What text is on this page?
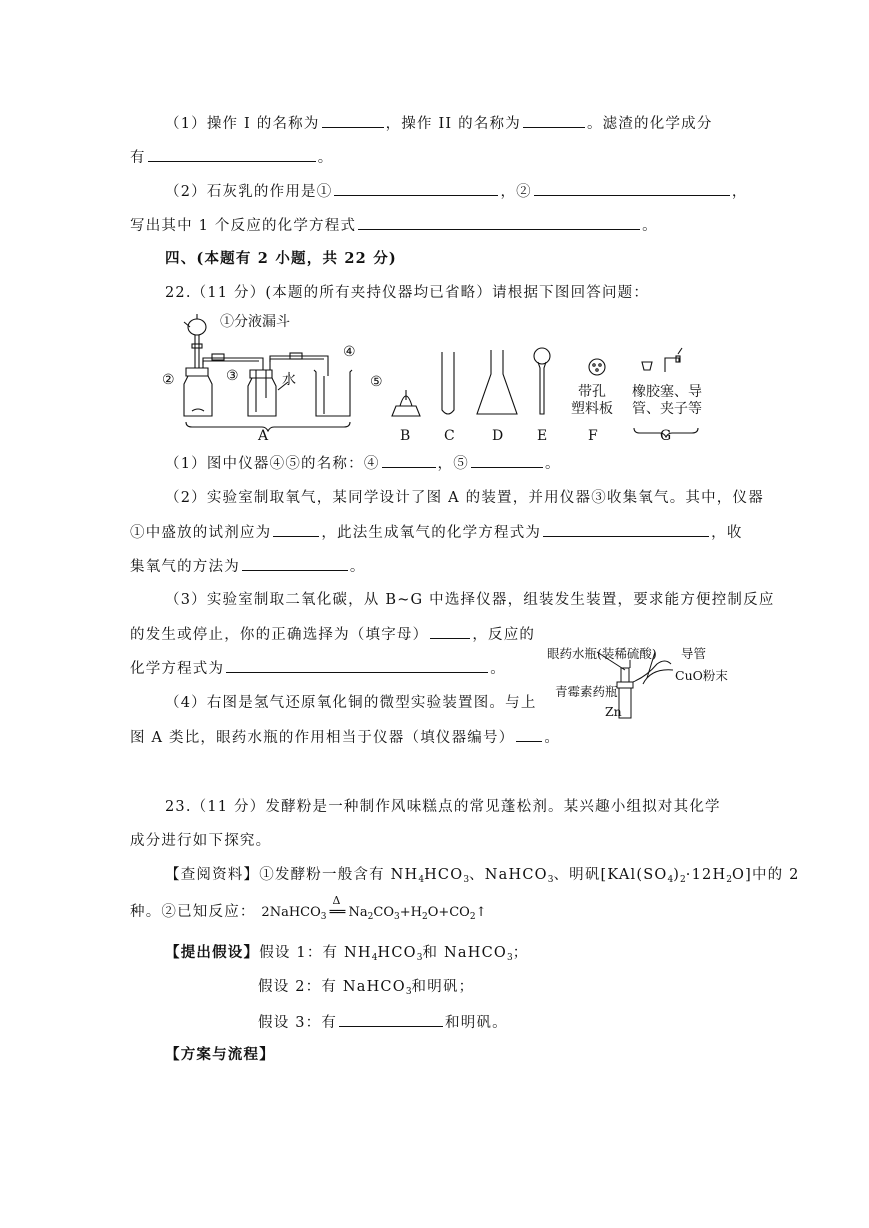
（1）操作 I 的名称为	，操作 II 的名称为	。滤渣的化学成分
有	。
（2）石灰乳的作用是①	，②	，
写出其中 1 个反应的化学方程式	。
四、(本题有 2 小题，共 22 分)
22.（11 分）(本题的所有夹持仪器均已省略）请根据下图回答问题：
①分液漏斗
②	③	水
④
⑤
A	B C	D E	F	G
带孔
塑料板
橡胶塞、导
管、夹子等
（1）图中仪器④⑤的名称：④	，⑤	。
（2）实验室制取氧气，某同学设计了图 A 的装置，并用仪器③收集氧气。其中，仪器
①中盛放的试剂应为	，此法生成氧气的化学方程式为	，收
集氧气的方法为	。
（3）实验室制取二氧化碳，从 B~G 中选择仪器，组装发生装置，要求能方便控制反应
的发生或停止，你的正确选择为（填字母）	，反应的
化学方程式为	。
（4）右图是氢气还原氧化铜的微型实验装置图。与上
图 A 类比，眼药水瓶的作用相当于仪器（填仪器编号） 。
眼药水瓶(装稀硫酸) 导管
CuO粉末
青霉素药瓶
Zn
23.（11 分）发酵粉是一种制作风味糕点的常见蓬松剂。某兴趣小组拟对其化学
成分进行如下探究。
【查阅资料】①发酵粉一般含有 $NH_4HCO_3$、NaHCO$_3$、明矾$[KAl(SO_4)_2\cdot 12H_2O]$中的 2
种。②已知反应： 2NaHCO$_3$
Δ
══ $Na_2CO_3+H_2O+CO_2↑$
【提出假设】假设 1：有 $NH_4HCO_3$和 NaHCO$_3$；
假设 2：有 NaHCO$_3$和明矾；
假设 3：有	和明矾。
【方案与流程】
